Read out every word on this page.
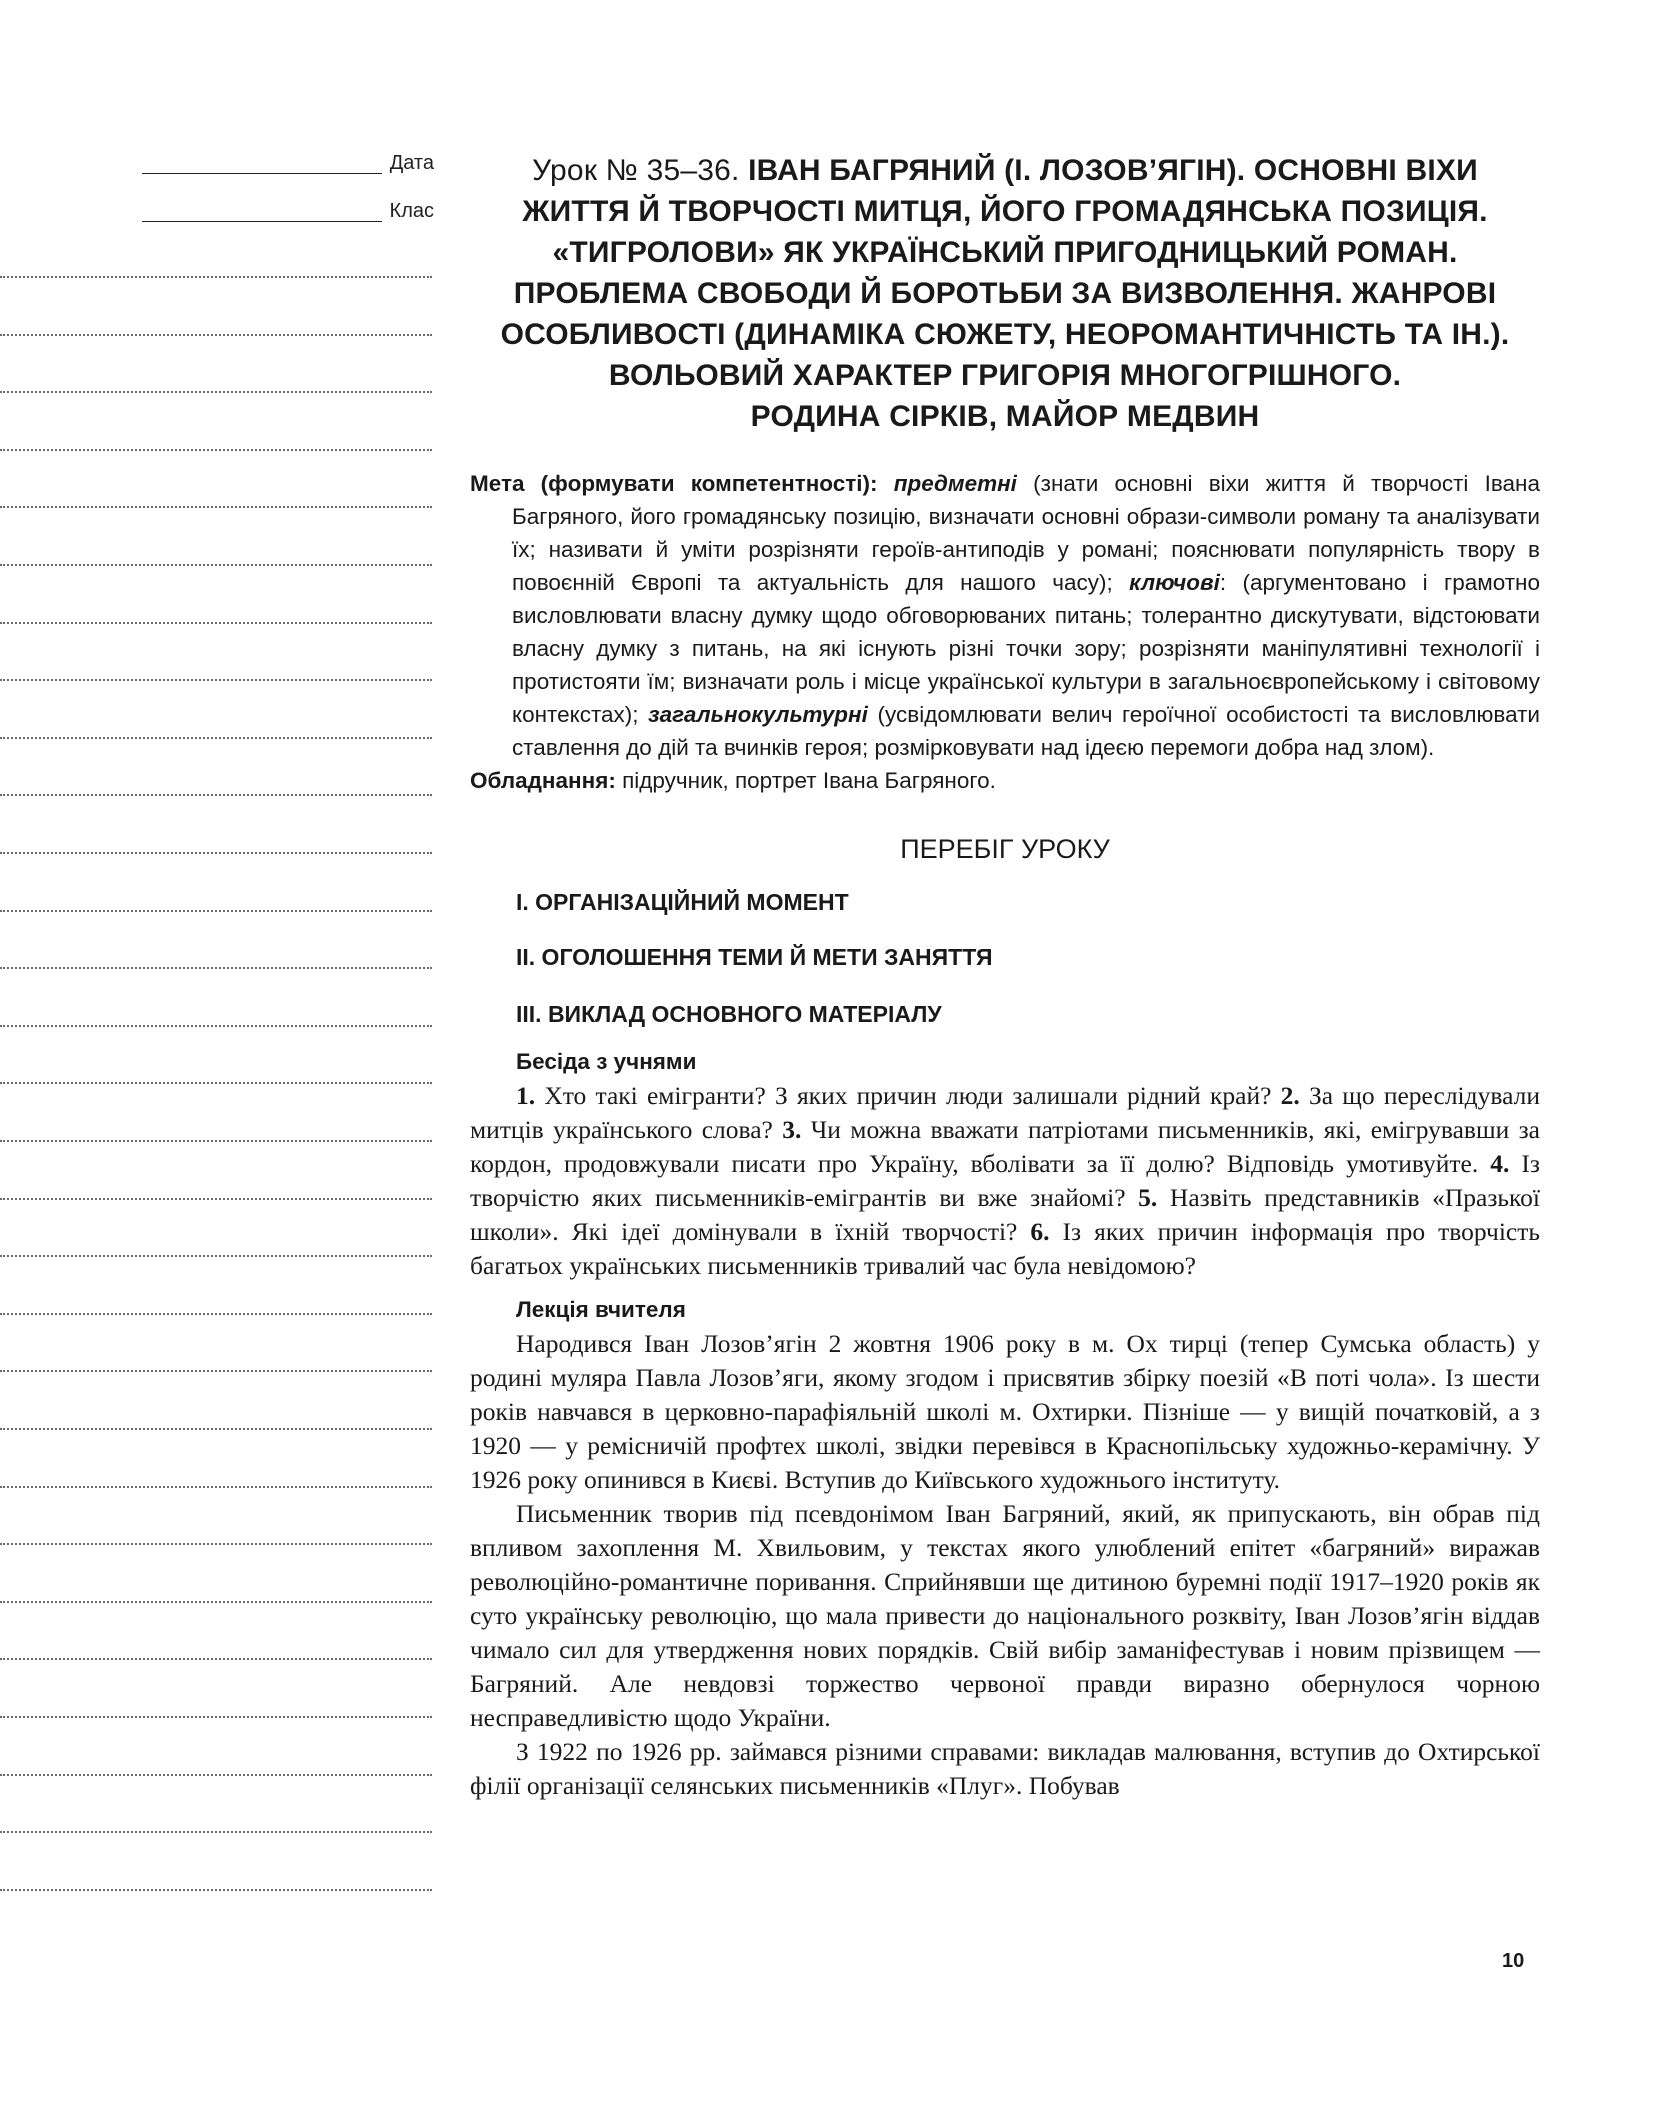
Дата
Клас
Урок № 35–36. ІВАН БАГРЯНИЙ (І. ЛОЗОВ’ЯГІН). ОСНОВНІ ВІХИ
ЖИТТЯ Й ТВОРЧОСТІ МИТЦЯ, ЙОГО ГРОМАДЯНСЬКА ПОЗИЦІЯ.
«ТИГРОЛОВИ» ЯК УКРАЇНСЬКИЙ ПРИГОДНИЦЬКИЙ РОМАН.
ПРОБЛЕМА СВОБОДИ Й БОРОТЬБИ ЗА ВИЗВОЛЕННЯ. ЖАНРОВІ
ОСОБЛИВОСТІ (ДИНАМІКА СЮЖЕТУ, НЕОРОМАНТИЧНІСТЬ ТА ІН.).
ВОЛЬОВИЙ ХАРАКТЕР ГРИГОРІЯ МНОГОГРІШНОГО.
РОДИНА СІРКІВ, МАЙОР МЕДВИН
Мета (формувати компетентності): предметні (знати основні віхи життя й творчості Івана Багряного, його громадянську позицію, визначати основні образи-символи роману та аналізувати їх; називати й уміти розрізняти героїв-антиподів у романі; пояснювати популярність твору в повоєнній Європі та актуальність для нашого часу); ключові: (аргументовано і грамотно висловлювати власну думку щодо обговорюваних питань; толерантно дискутувати, відстоювати власну думку з питань, на які існують різні точки зору; розрізняти маніпулятивні технології і протистояти їм; визначати роль і місце української культури в загальноєвропейському і світовому контекстах); загальнокультурні (усвідомлювати велич героїчної особистості та висловлювати ставлення до дій та вчинків героя; розмірковувати над ідеєю перемоги добра над злом).
Обладнання: підручник, портрет Івана Багряного.
ПЕРЕБІГ УРОКУ
I. ОРГАНІЗАЦІЙНИЙ МОМЕНТ
II. ОГОЛОШЕННЯ ТЕМИ Й МЕТИ ЗАНЯТТЯ
III. ВИКЛАД ОСНОВНОГО МАТЕРІАЛУ
Бесіда з учнями

1. Хто такі емігранти? З яких причин люди залишали рідний край? 2. За що переслідували митців українського слова? 3. Чи можна вважати патріотами письменників, які, емігрувавши за кордон, продовжували писати про Україну, вболівати за її долю? Відповідь умотивуйте. 4. Із творчістю яких письменників-емігрантів ви вже знайомі? 5. Назвіть представників «Празької школи». Які ідеї домінували в їхній творчості? 6. Із яких причин інформація про творчість багатьох українських письменників тривалий час була невідомою?

Лекція вчителя

Народився Іван Лозов’ягін 2 жовтня 1906 року в м. Ох тирці (тепер Сумська область) у родині муляра Павла Лозов’яги, якому згодом і присвятив збірку поезій «В поті чола». Із шести років навчався в церковно-парафіяльній школі м. Охтирки. Пізніше — у вищій початковій, а з 1920 — у ремісничій профтех школі, звідки перевівся в Краснопільську художньо-керамічну. У 1926 року опинився в Києві. Вступив до Київського художнього інституту.

Письменник творив під псевдонімом Іван Багряний, який, як припускають, він обрав під впливом захоплення М. Хвильовим, у текстах якого улюблений епітет «багряний» виражав революційно-романтичне поривання. Сприйнявши ще дитиною буремні події 1917–1920 років як суто українську революцію, що мала привести до національного розквіту, Іван Лозов’ягін віддав чимало сил для утвердження нових порядків. Свій вибір заманіфестував і новим прізвищем — Багряний. Але невдовзі торжество червоної правди виразно обернулося чорною несправедливістю щодо України.

З 1922 по 1926 рр. займався різними справами: викладав малювання, вступив до Охтирської філії організації селянських письменників «Плуг». Побував

10
